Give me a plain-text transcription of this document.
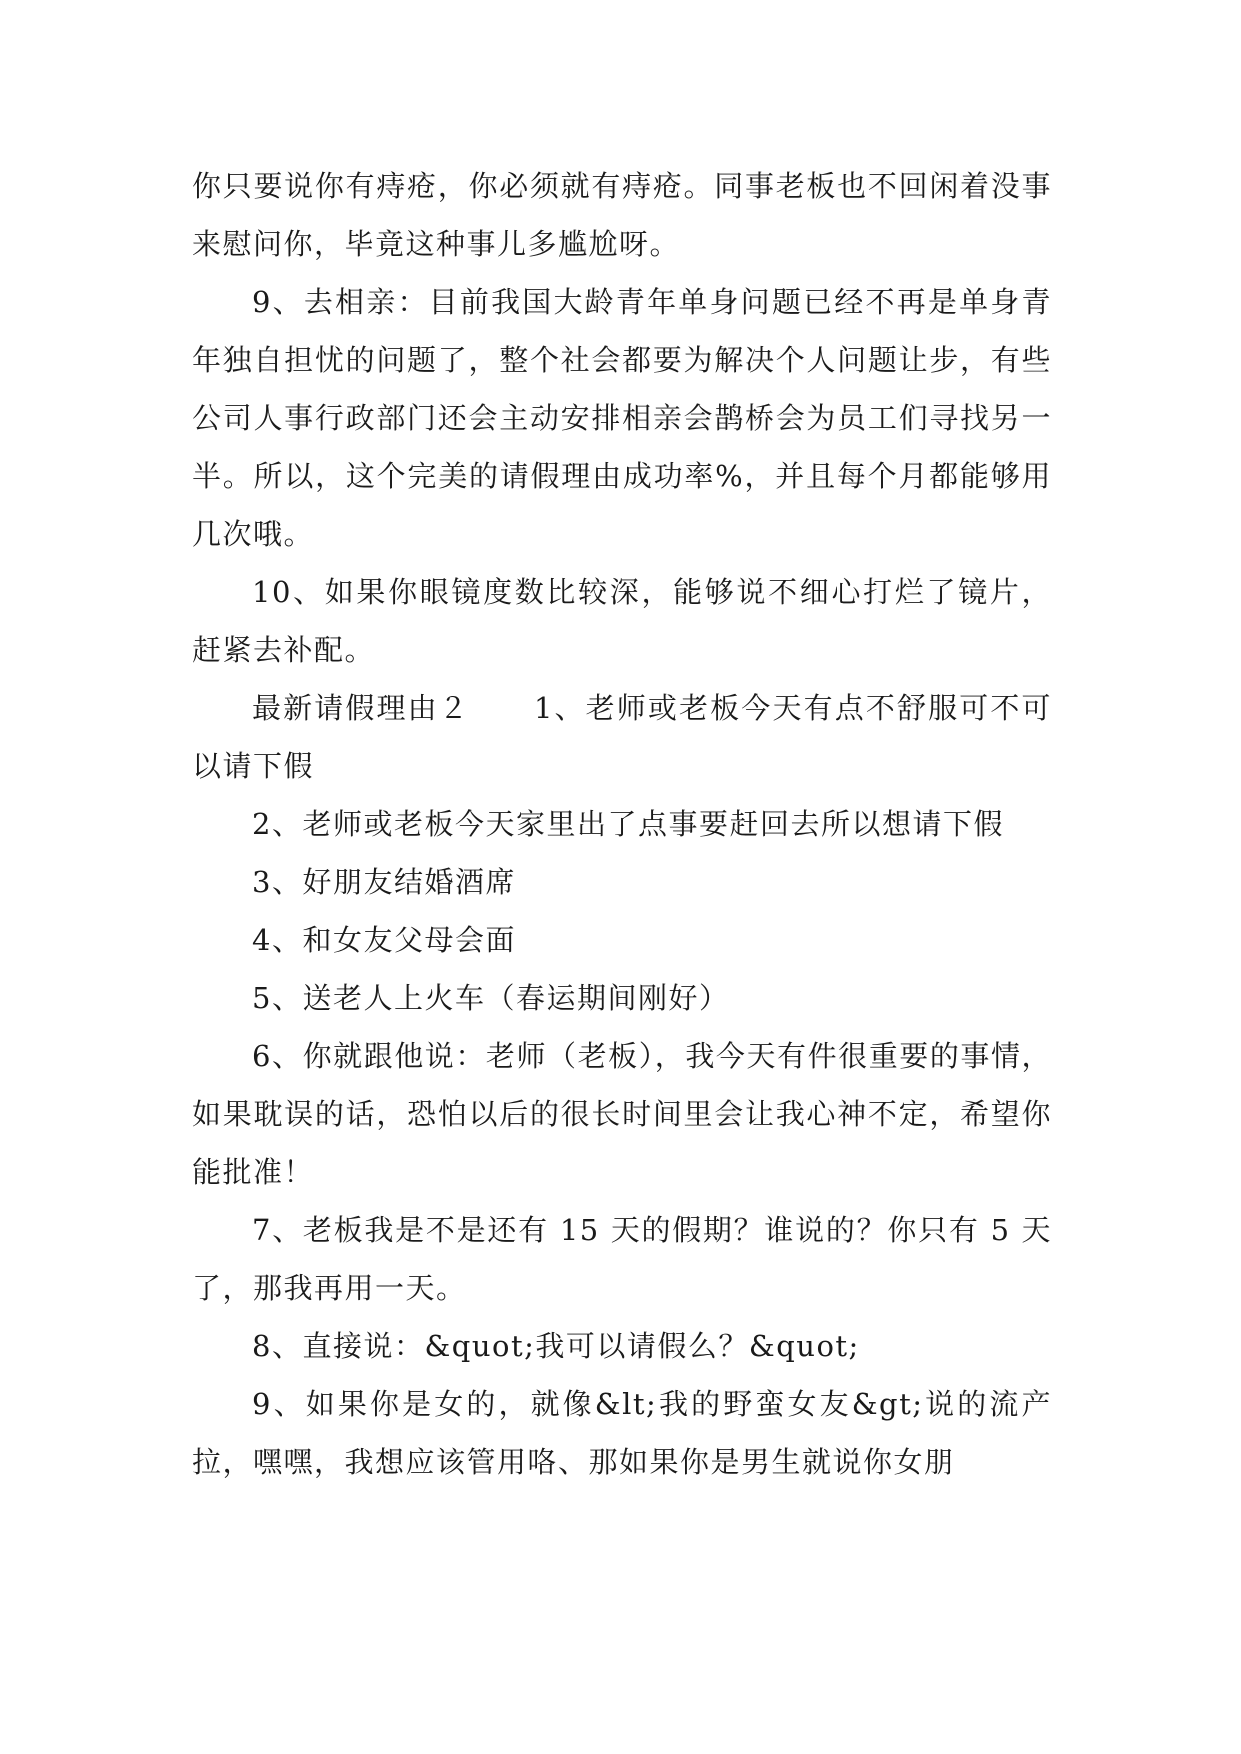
你只要说你有痔疮，你必须就有痔疮。同事老板也不回闲着没事来慰问你，毕竟这种事儿多尴尬呀。

9、去相亲：目前我国大龄青年单身问题已经不再是单身青年独自担忧的问题了，整个社会都要为解决个人问题让步，有些公司人事行政部门还会主动安排相亲会鹊桥会为员工们寻找另一半。所以，这个完美的请假理由成功率%，并且每个月都能够用几次哦。

10、如果你眼镜度数比较深，能够说不细心打烂了镜片，赶紧去补配。

最新请假理由２ 1、老师或老板今天有点不舒服可不可以请下假

2、老师或老板今天家里出了点事要赶回去所以想请下假

3、好朋友结婚酒席

4、和女友父母会面

5、送老人上火车（春运期间刚好）

6、你就跟他说：老师（老板），我今天有件很重要的事情，如果耽误的话，恐怕以后的很长时间里会让我心神不定，希望你能批准！

7、老板我是不是还有 15 天的假期？谁说的？你只有 5 天了，那我再用一天。

8、直接说：&quot;我可以请假么？&quot;

9、如果你是女的，就像&lt;我的野蛮女友&gt;说的流产拉，嘿嘿，我想应该管用咯、那如果你是男生就说你女朋
